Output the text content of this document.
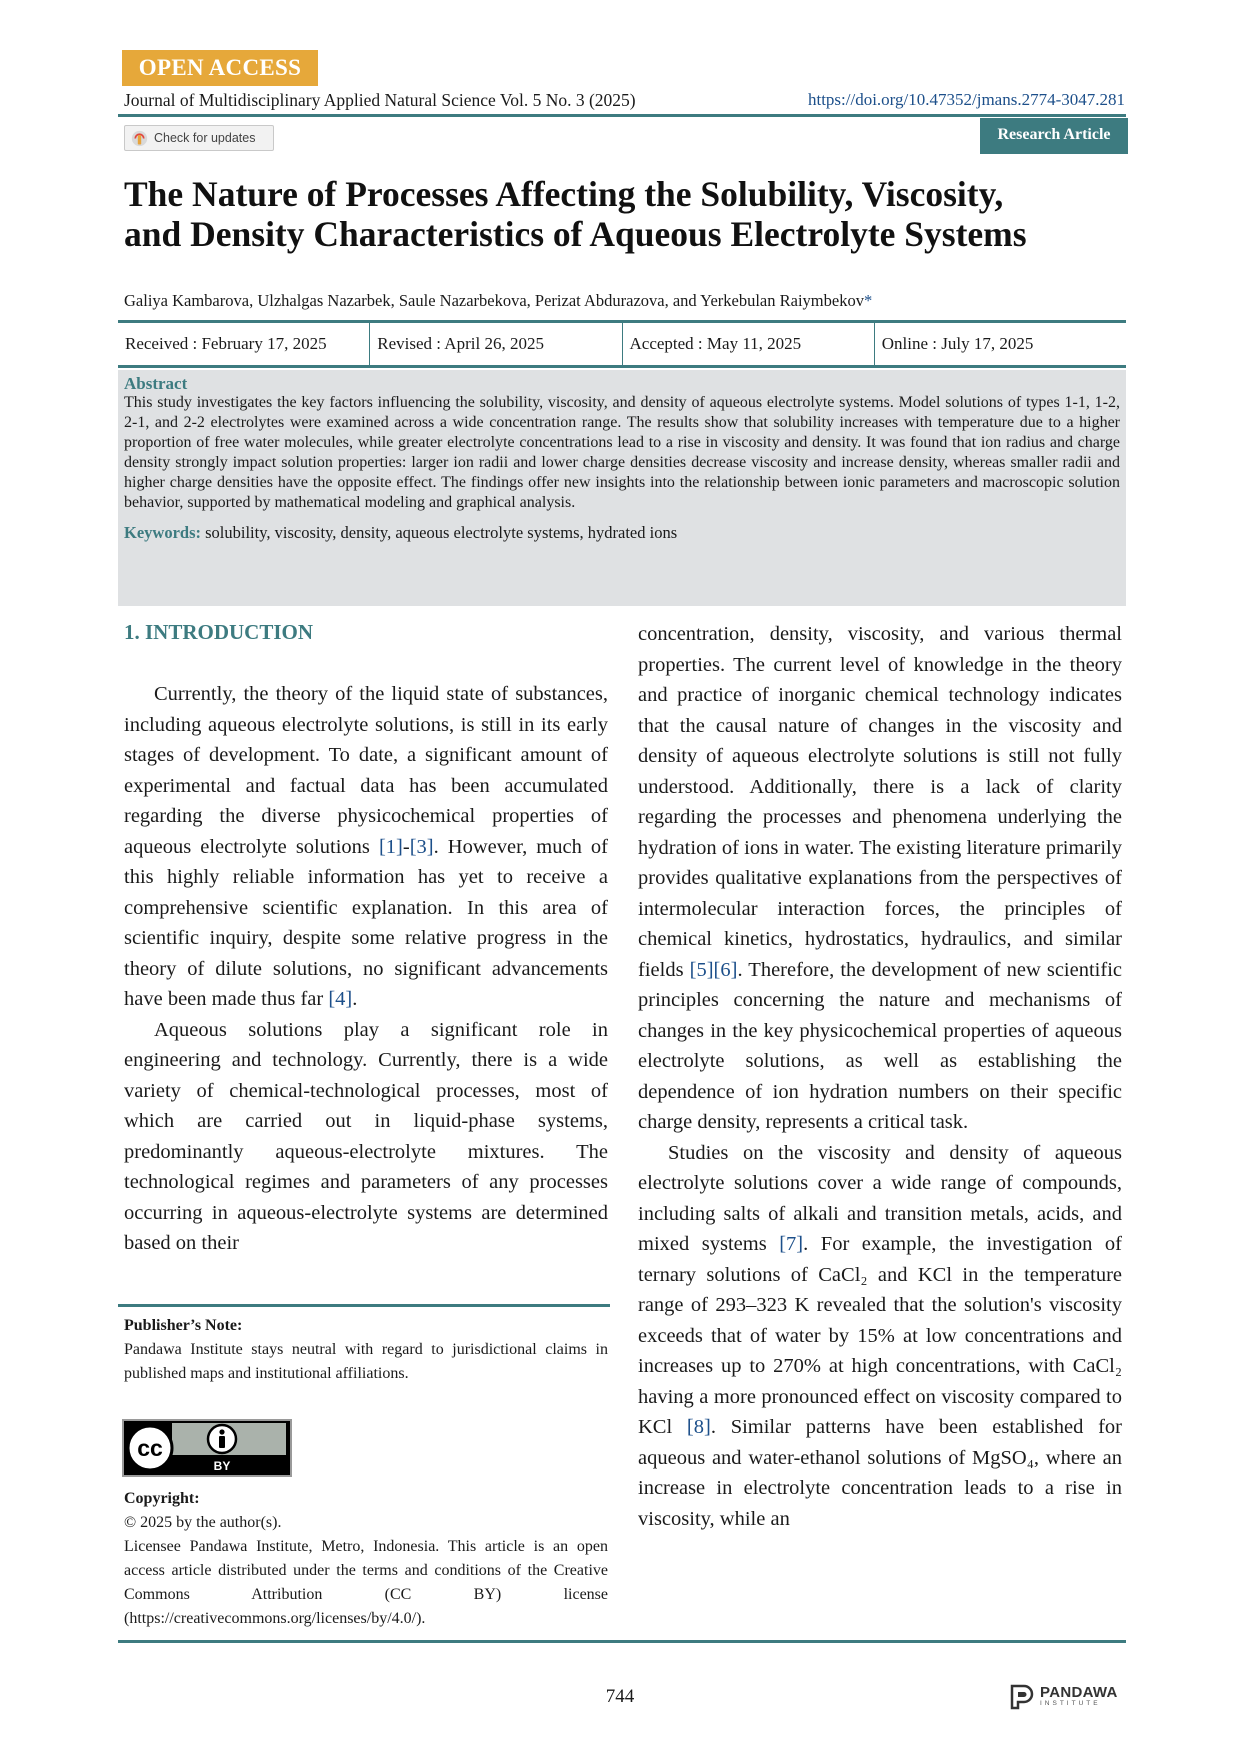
OPEN ACCESS
Journal of Multidisciplinary Applied Natural Science Vol. 5 No. 3 (2025)	https://doi.org/10.47352/jmans.2774-3047.281
Check for updates	Research Article
The Nature of Processes Affecting the Solubility, Viscosity,
and Density Characteristics of Aqueous Electrolyte Systems
Galiya Kambarova, Ulzhalgas Nazarbek, Saule Nazarbekova, Perizat Abdurazova, and Yerkebulan Raiymbekov*
Received : February 17, 2025	Revised : April 26, 2025	Accepted : May 11, 2025	Online : July 17, 2025
Abstract
This study investigates the key factors influencing the solubility, viscosity, and density of aqueous electrolyte systems. Model solutions of types 1-1, 1-2, 2-1, and 2-2 electrolytes were examined across a wide concentration range. The results show that solubility increases with temperature due to a higher proportion of free water molecules, while greater electrolyte concentrations lead to a rise in viscosity and density. It was found that ion radius and charge density strongly impact solution properties: larger ion radii and lower charge densities decrease viscosity and increase density, whereas smaller radii and higher charge densities have the opposite effect. The findings offer new insights into the relationship between ionic parameters and macroscopic solution behavior, supported by mathematical modeling and graphical analysis.
Keywords: solubility, viscosity, density, aqueous electrolyte systems, hydrated ions
1. INTRODUCTION

Currently, the theory of the liquid state of substances, including aqueous electrolyte solutions, is still in its early stages of development. To date, a significant amount of experimental and factual data has been accumulated regarding the diverse physicochemical properties of aqueous electrolyte solutions [1]-[3]. However, much of this highly reliable information has yet to receive a comprehensive scientific explanation. In this area of scientific inquiry, despite some relative progress in the theory of dilute solutions, no significant advancements have been made thus far [4].

Aqueous solutions play a significant role in engineering and technology. Currently, there is a wide variety of chemical-technological processes, most of which are carried out in liquid-phase systems, predominantly aqueous-electrolyte mixtures. The technological regimes and parameters of any processes occurring in aqueous-electrolyte systems are determined based on their

concentration, density, viscosity, and various thermal properties. The current level of knowledge in the theory and practice of inorganic chemical technology indicates that the causal nature of changes in the viscosity and density of aqueous electrolyte solutions is still not fully understood. Additionally, there is a lack of clarity regarding the processes and phenomena underlying the hydration of ions in water. The existing literature primarily provides qualitative explanations from the perspectives of intermolecular interaction forces, the principles of chemical kinetics, hydrostatics, hydraulics, and similar fields [5][6]. Therefore, the development of new scientific principles concerning the nature and mechanisms of changes in the key physicochemical properties of aqueous electrolyte solutions, as well as establishing the dependence of ion hydration numbers on their specific charge density, represents a critical task.

Studies on the viscosity and density of aqueous electrolyte solutions cover a wide range of compounds, including salts of alkali and transition metals, acids, and mixed systems [7]. For example, the investigation of ternary solutions of CaCl₂ and KCl in the temperature range of 293–323 K revealed that the solution's viscosity exceeds that of water by 15% at low concentrations and increases up to 270% at high concentrations, with CaCl₂ having a more pronounced effect on viscosity compared to KCl [8]. Similar patterns have been established for aqueous and water-ethanol solutions of MgSO₄, where an increase in electrolyte concentration leads to a rise in viscosity, while an

Publisher’s Note:
Pandawa Institute stays neutral with regard to jurisdictional claims in published maps and institutional affiliations.
cc
BY
Copyright:
© 2025 by the author(s).
Licensee Pandawa Institute, Metro, Indonesia. This article is an open access article distributed under the terms and conditions of the Creative Commons Attribution (CC BY) license (https://creativecommons.org/licenses/by/4.0/).
744	PANDAWA
INSTITUTE
